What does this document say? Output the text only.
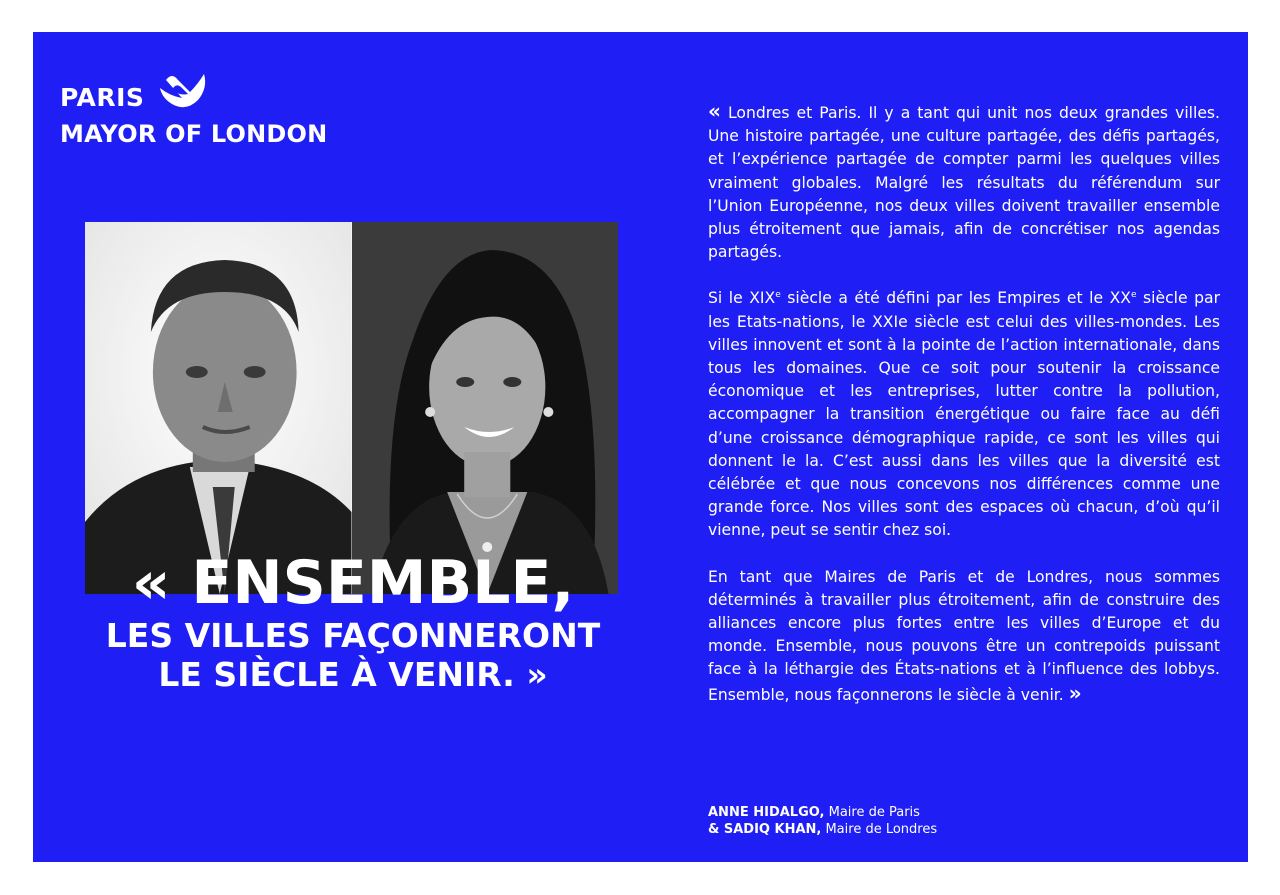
PARIS
MAYOR OF LONDON
« ENSEMBLE,
LES VILLES FAÇONNERONT
LE SIÈCLE À VENIR. »

« Londres et Paris. Il y a tant qui unit nos deux grandes villes. Une histoire partagée, une culture partagée, des défis partagés, et l’expérience partagée de compter parmi les quelques villes vraiment globales. Malgré les résultats du référendum sur l’Union Européenne, nos deux villes doivent travailler ensemble plus étroitement que jamais, afin de concrétiser nos agendas partagés.

Si le XIXe siècle a été défini par les Empires et le XXe siècle par les Etats-nations, le XXIe siècle est celui des villes-mondes. Les villes innovent et sont à la pointe de l’action internationale, dans tous les domaines. Que ce soit pour soutenir la croissance économique et les entreprises, lutter contre la pollution, accompagner la transition énergétique ou faire face au défi d’une croissance démographique rapide, ce sont les villes qui donnent le la. C’est aussi dans les villes que la diversité est célébrée et que nous concevons nos différences comme une grande force. Nos villes sont des espaces où chacun, d’où qu’il vienne, peut se sentir chez soi.

En tant que Maires de Paris et de Londres, nous sommes déterminés à travailler plus étroitement, afin de construire des alliances encore plus fortes entre les villes d’Europe et du monde. Ensemble, nous pouvons être un contrepoids puissant face à la léthargie des États-nations et à l’influence des lobbys. Ensemble, nous façonnerons le siècle à venir. »

ANNE HIDALGO, Maire de Paris
& SADIQ KHAN, Maire de Londres
